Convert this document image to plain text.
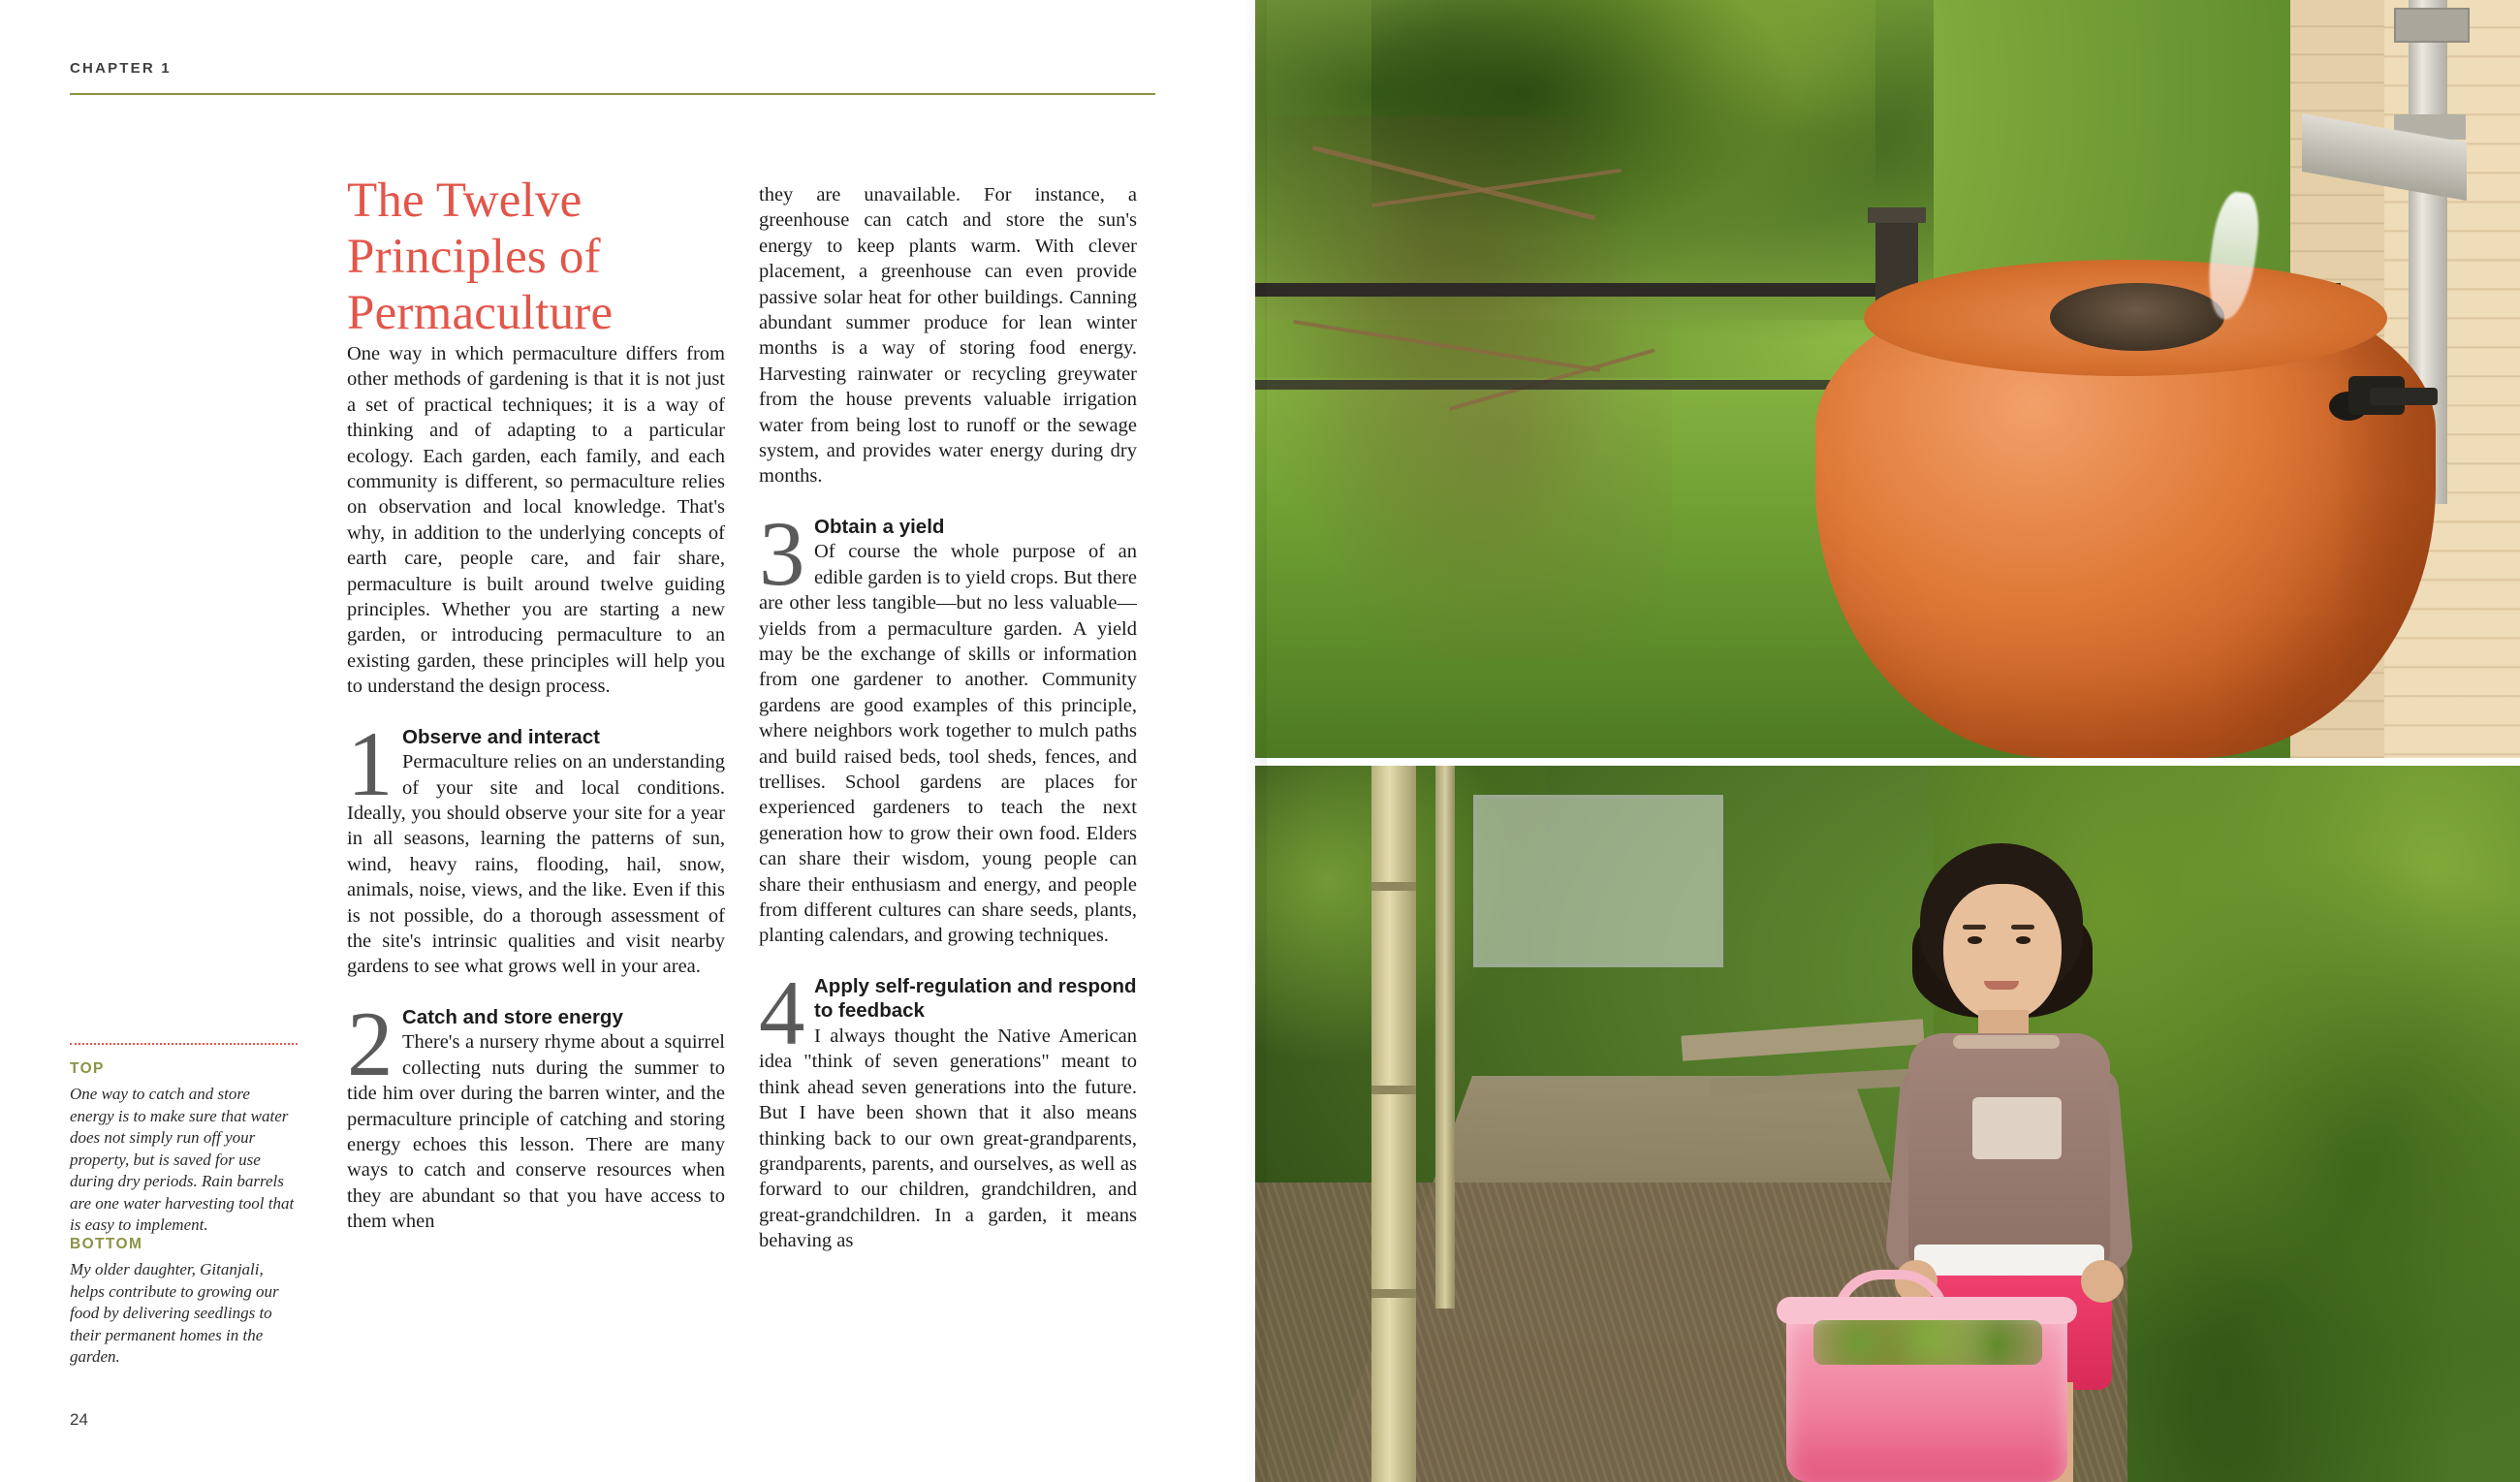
CHAPTER 1
The Twelve Principles of Permaculture

One way in which permaculture differs from other methods of gardening is that it is not just a set of practical techniques; it is a way of thinking and of adapting to a particular ecology. Each garden, each family, and each community is different, so permaculture relies on observation and local knowledge. That's why, in addition to the underlying concepts of earth care, people care, and fair share, permaculture is built around twelve guiding principles. Whether you are starting a new garden, or introducing permaculture to an existing garden, these principles will help you to understand the design process.

1 Observe and interact
Permaculture relies on an understanding of your site and local conditions. Ideally, you should observe your site for a year in all seasons, learning the patterns of sun, wind, heavy rains, flooding, hail, snow, animals, noise, views, and the like. Even if this is not possible, do a thorough assessment of the site's intrinsic qualities and visit nearby gardens to see what grows well in your area.
2 Catch and store energy
There's a nursery rhyme about a squirrel collecting nuts during the summer to tide him over during the barren winter, and the permaculture principle of catching and storing energy echoes this lesson. There are many ways to catch and conserve resources when they are abundant so that you have access to them when

they are unavailable. For instance, a greenhouse can catch and store the sun's energy to keep plants warm. With clever placement, a greenhouse can even provide passive solar heat for other buildings. Canning abundant summer produce for lean winter months is a way of storing food energy. Harvesting rainwater or recycling greywater from the house prevents valuable irrigation water from being lost to runoff or the sewage system, and provides water energy during dry months.

3 Obtain a yield
Of course the whole purpose of an edible garden is to yield crops. But there are other less tangible—but no less valuable—yields from a permaculture garden. A yield may be the exchange of skills or information from one gardener to another. Community gardens are good examples of this principle, where neighbors work together to mulch paths and build raised beds, tool sheds, fences, and trellises. School gardens are places for experienced gardeners to teach the next generation how to grow their own food. Elders can share their wisdom, young people can share their enthusiasm and energy, and people from different cultures can share seeds, plants, planting calendars, and growing techniques.
4 Apply self-regulation and respond to feedback
I always thought the Native American idea "think of seven generations" meant to think ahead seven generations into the future. But I have been shown that it also means thinking back to our own great-grandparents, grandparents, parents, and ourselves, as well as forward to our children, grandchildren, and great-grandchildren. In a garden, it means behaving as
TOP
One way to catch and store energy is to make sure that water does not simply run off your property, but is saved for use during dry periods. Rain barrels are one water harvesting tool that is easy to implement.
BOTTOM
My older daughter, Gitanjali, helps contribute to growing our food by delivering seedlings to their permanent homes in the garden.
24
